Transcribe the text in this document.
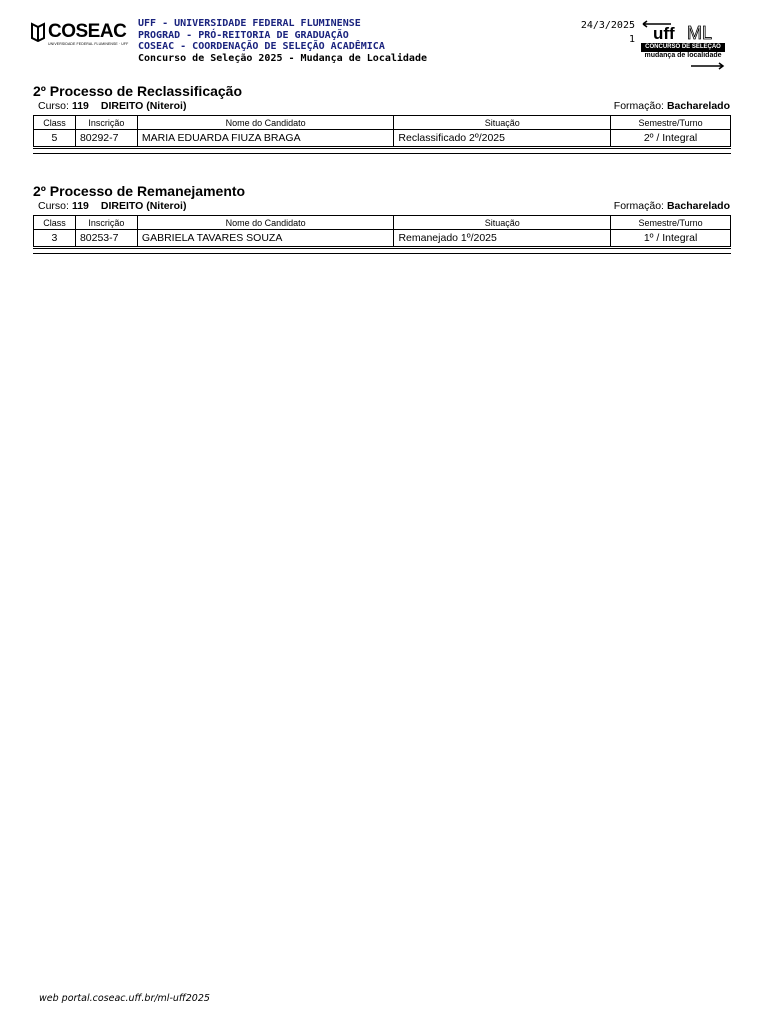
COSEAC
UNIVERSIDADE FEDERAL FLUMINENSE · UFF
UFF - UNIVERSIDADE FEDERAL FLUMINENSE
PROGRAD - PRÓ-REITORIA DE GRADUAÇÃO
COSEAC - COORDENAÇÃO DE SELEÇÃO ACADÊMICA
Concurso de Seleção 2025 - Mudança de Localidade
24/3/2025
1 uff ML
CONCURSO DE SELEÇÃO
mudança de localidade
2º Processo de Reclassificação
Curso: 119 DIREITO (Niteroi)	Formação: Bacharelado
Class	Inscrição	Nome do Candidato	Situação	Semestre/Turno
5	80292-7	MARIA EDUARDA FIUZA BRAGA	Reclassificado 2º/2025	2º / Integral
2º Processo de Remanejamento
Curso: 119 DIREITO (Niteroi)	Formação: Bacharelado
Class	Inscrição	Nome do Candidato	Situação	Semestre/Turno
3	80253-7	GABRIELA TAVARES SOUZA	Remanejado 1º/2025	1º / Integral
web portal.coseac.uff.br/ml-uff2025
